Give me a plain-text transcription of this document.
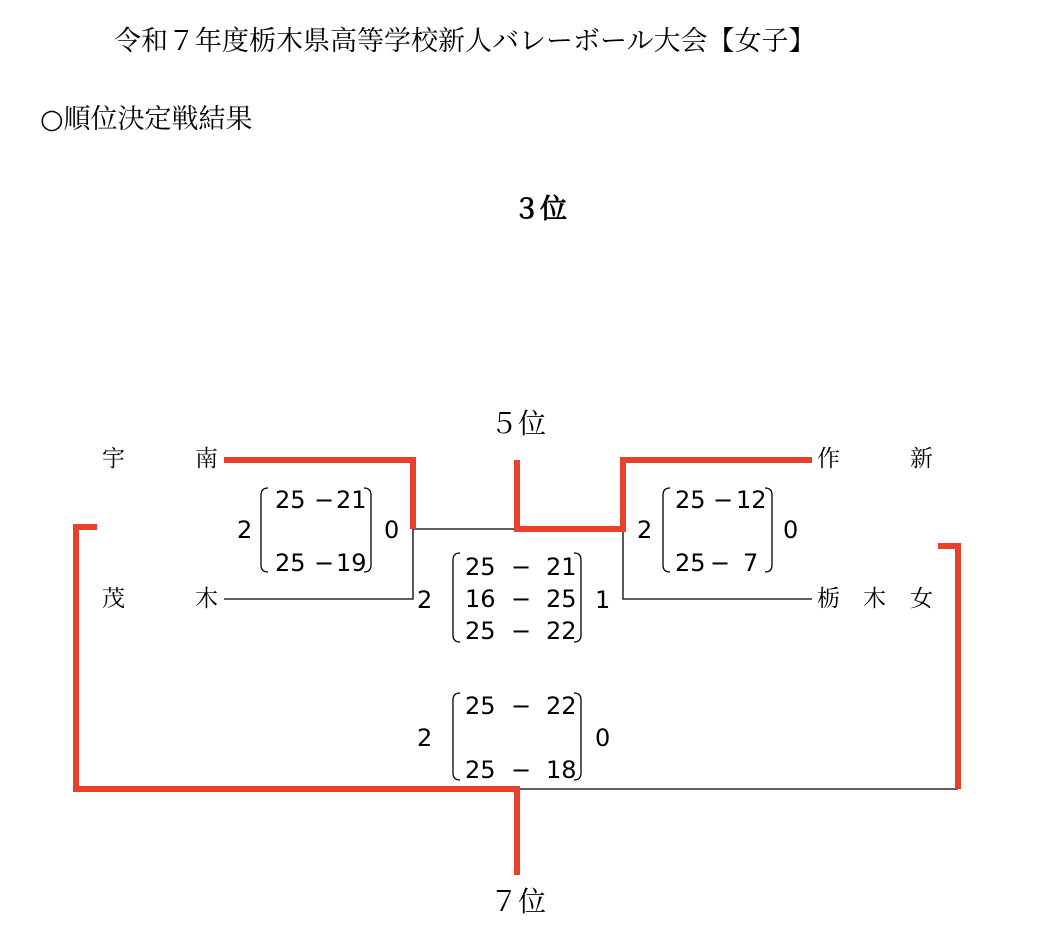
令和７年度栃木県高等学校新人バレーボール大会【女子】
○順位決定戦結果
３位
５位
７位
宇	南
茂	木
作	新
栃 木 女
2	0
25 − 21
25 − 19
2	0
25 − 12
25 − 7
2	1
25 − 21
16 − 25
25 − 22
2	0
25 − 22
25 − 18
